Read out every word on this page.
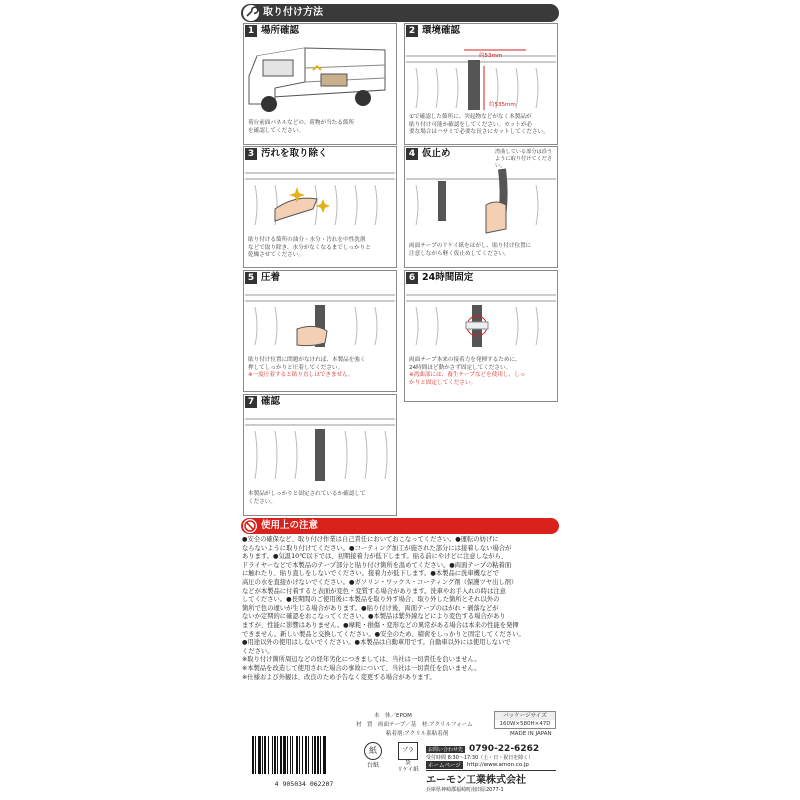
取り付け方法
1 場所確認
荷台前面パネルなどの、荷物が当たる箇所
を確認してください。
2 環境確認
約53mm
約535mm
①で確認した箇所に、突起物などがなく本製品が
貼り付け可能か確認をしてください。カットが必
要な場合はハサミで必要な長さにカットしてください。
3 汚れを取り除く
貼り付ける箇所の油分・水分・汚れを中性洗剤
などで取り除き、水分がなくなるまでしっかりと
乾燥させてください。
4 仮止め	湾曲している部分は沿う
ように取り付けてください。
両面テープのリケイ紙をはがし、貼り付け位置に
注意しながら軽く仮止めしてください。
5 圧着
貼り付け位置に問題がなければ、本製品を強く
押してしっかりと圧着してください。
※一度圧着すると貼り直しはできません。
6 24時間固定
両面テープ本来の接着力を発揮するために、
24時間ほど動かさず固定してください。
※湾曲部には、養生テープなどを使用し、しっ
かりと固定してください。
7 確認
本製品がしっかりと固定されているか確認して
ください。
使用上の注意
●安全の確保など、取り付け作業は自己責任においておこなってください。●運転の妨げに
ならないように取り付けてください。●コーティング加工が施された部分には接着しない場合が
あります。●気温10℃以下では、初期接着力が低下します。貼る前にやけどに注意しながら、
ドライヤーなどで本製品のテープ部分と貼り付け箇所を温めてください。●両面テープの粘着面
に触れたり、貼り直しをしないでください。接着力が低下します。●本製品に洗車機などで
高圧の水を直接かけないでください。●ガソリン・ワックス・コーティング剤（保護ツヤ出し剤）
などが本製品に付着すると表面が変色・変質する場合があります。洗車やお手入れの時は注意
してください。●長期間のご使用後に本製品を取り外す場合、取り外した箇所とそれ以外の
箇所で色の違いが生じる場合があります。●貼り付け後、両面テープのはがれ・剥落などが
ないか定期的に確認をおこなってください。●本製品は紫外線などにより変色する場合があり
ますが、性能に影響はありません。●摩耗・損傷・変形などの異常がある場合は本来の性能を発揮
できません。新しい製品と交換してください。●安全のため、積荷をしっかりと固定してください。
●用途以外の使用はしないでください。●本製品は自動車用です。自動車以外には使用しないで
ください。
※取り付け箇所周辺などの経年劣化につきましては、当社は一切責任を負いません。
※本製品を改造して使用された場合の事故について、当社は一切責任を負いません。
※仕様および外観は、改良のため予告なく変更する場合があります。
本　体／EPOM
材　質　 両面テープ／基　材:アクリルフォーム
粘着剤:アクリル系粘着剤
パッケージサイズ
160W×580H×47D
MADE IN JAPAN
4 905034 062207
紙
台紙
プラ
袋
リケイ紙
お問い合わせ先 0790-22-6262
受付時間 8:30〜17:30（土・日・祝日を除く）
ホームページ	http://www.amon.co.jp
エーモン工業株式会社
兵庫県神崎郡福崎町南田原2077-1
